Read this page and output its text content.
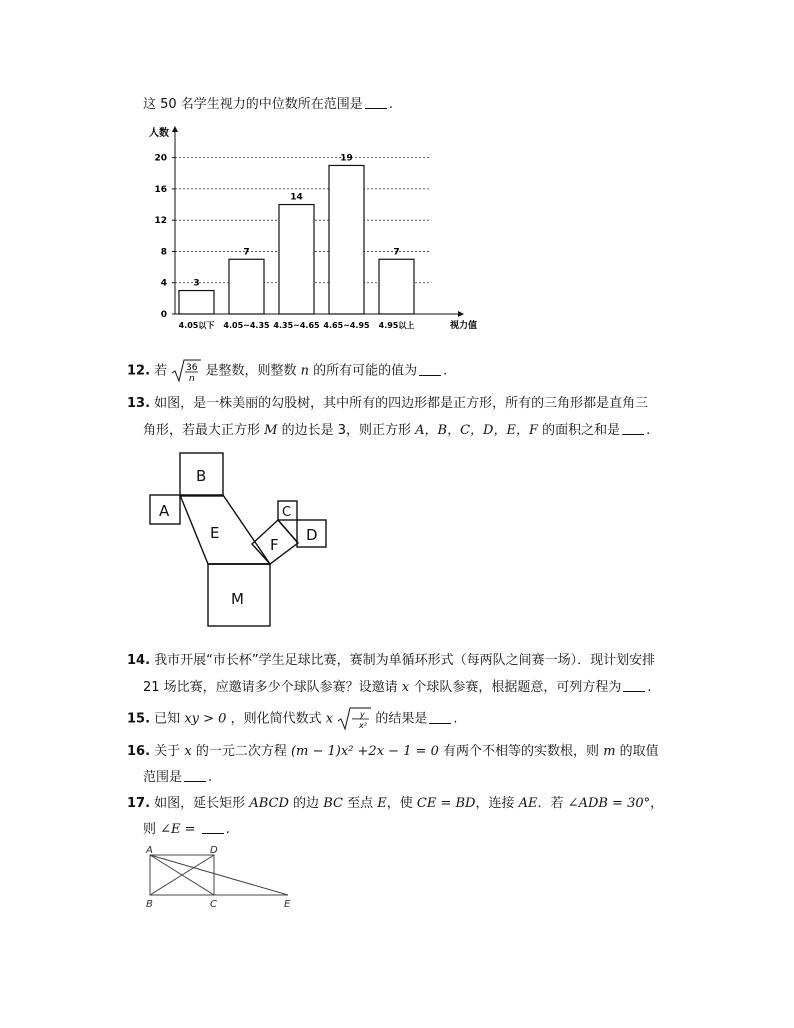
这 50 名学生视力的中位数所在范围是 .
0
4
8
12
16
20
人数
视力值
3
4.05以下
7
4.05~4.35
14
4.35~4.65
19
4.65~4.95
7
4.95以上
12. 若 36
n
是整数，则整数 n 的所有可能的值为 .
13. 如图，是一株美丽的勾股树，其中所有的四边形都是正方形，所有的三角形都是直角三
角形，若最大正方形 M 的边长是 3，则正方形 A，B，C，D，E，F 的面积之和是 .
B
A
E
F
C
D
M
14. 我市开展“市长杯”学生足球比赛，赛制为单循环形式（每两队之间赛一场）．现计划安排
21 场比赛，应邀请多少个球队参赛？设邀请 x 个球队参赛，根据题意，可列方程为 .
15. 已知 xy > 0 ，则化简代数式 x − y
x² 的结果是 .
16. 关于 x 的一元二次方程 (m − 1)x² +2x − 1 = 0 有两个不相等的实数根，则 m 的取值
范围是 .
17. 如图，延长矩形 ABCD 的边 BC 至点 E，使 CE = BD，连接 AE．若 ∠ADB = 30°，
则 ∠E = .
A	D
B	C	E
